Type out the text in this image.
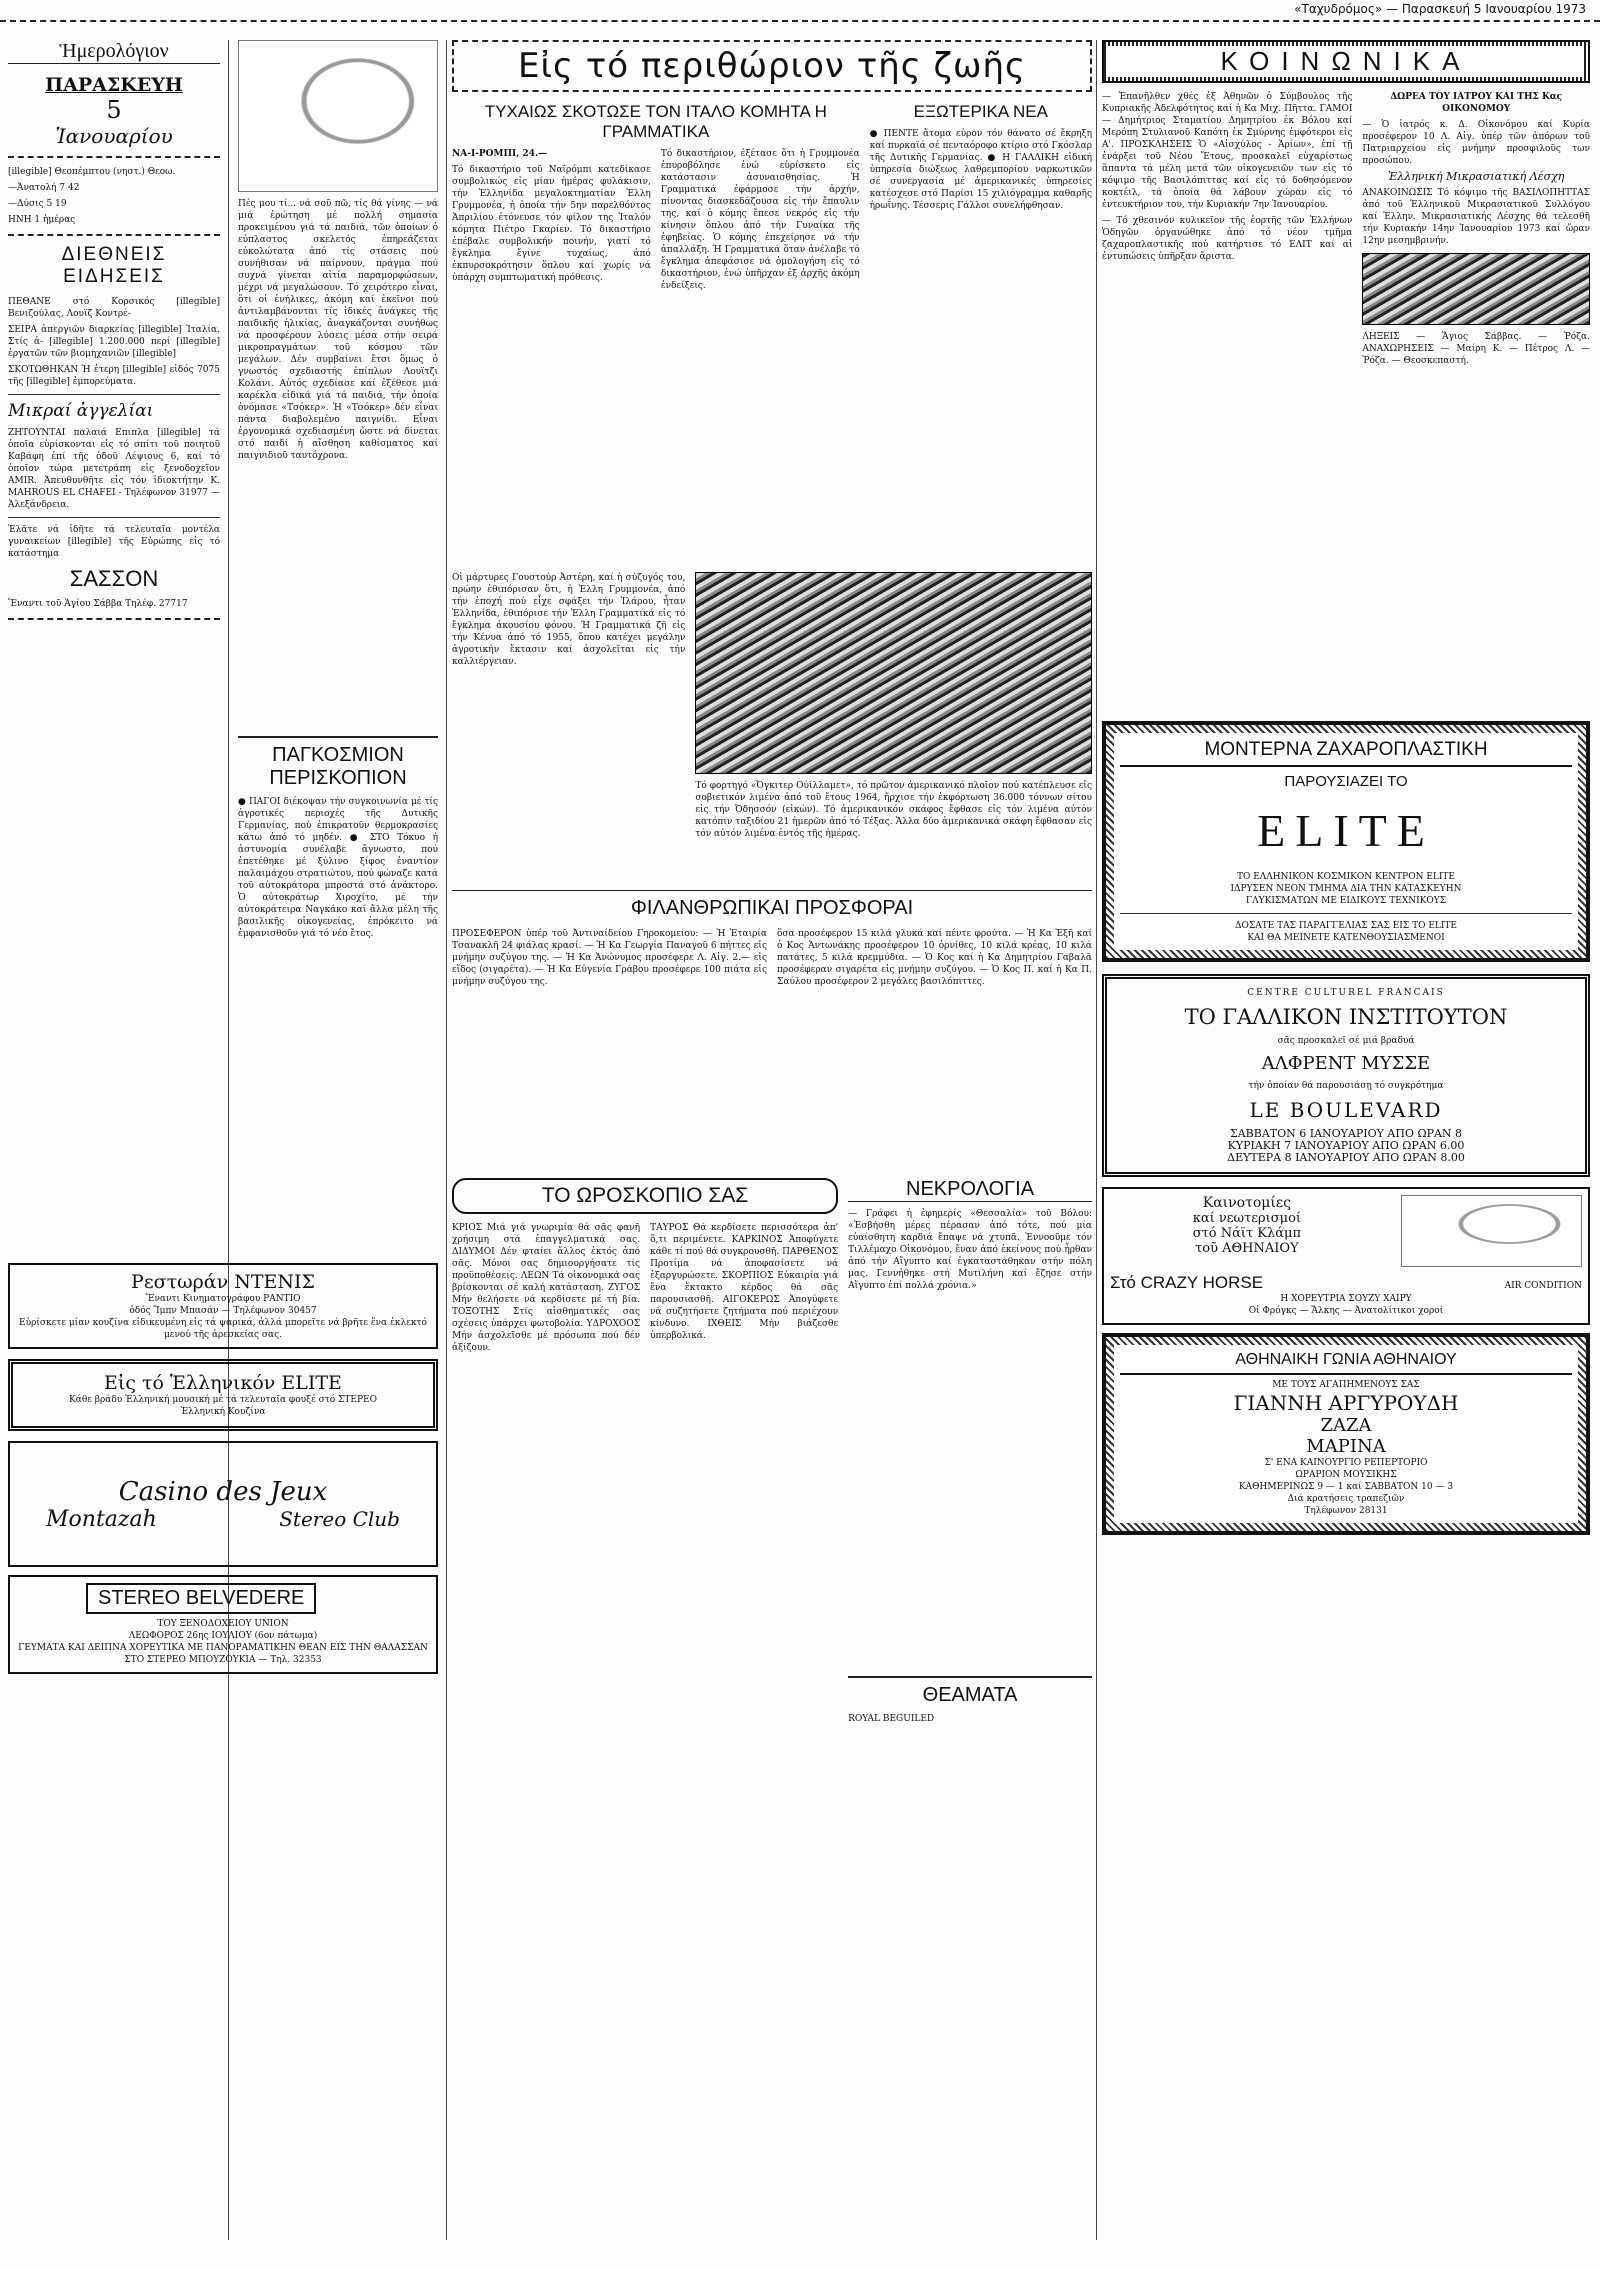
«Ταχυδρόμος» — Παρασκευή 5 Ιανουαρίου 1973
Ἡμερολόγιον
ΠΑΡΑΣΚΕΥΗ
5
Ἰανουαρίου

[illegible] Θεοπέμπτου (νηστ.) Θεοω.

—Ἀνατολή 7 42

—Δύσις 5 19

ΗΝΗ 1 ἡμέρας

ΔΙΕΘΝΕΙΣ ΕΙΔΗΣΕΙΣ

ΠΕΘΑΝΕ στό Κορσικός [illegible] Βενιζούλας, Λουϊζ Κοντρέ-

ΣΕΙΡΑ ἀπεργιῶν διαρκείας [illegible] Ἰταλία. Στίς ἀ- [illegible] 1.200.000 περί [illegible] ἐργατῶν τῶν βιομηχανιῶν [illegible]

ΣΚΟΤΩΘΗΚΑΝ Ἡ ἐτερη [illegible] εἰδός 7075 τῆς [illegible] ἐμπορεύματα.

Μικραί ἀγγελίαι
ΖΗΤΟΥΝΤΑΙ παλαιά Επιπλα [illegible] τά ὁποῖα εὑρίσκονται εἰς τό σπίτι τοῦ ποιητοῦ Καβάφη ἐπί τῆς ὁδοῦ Λέψιους 6, καί τό ὁποῖον τώρα μετετράπη εἰς ξενοδοχεῖον AMIR. Ἀπευθυνθῆτε εἰς τόν ἰδιοκτήτην Κ. MAHROUS EL CHAFEI - Τηλέφωνον 31977 — Ἀλεξάνδρεια.
Ἐλᾶτε νά ἰδῆτε τά τελευταῖα μοντέλα γυναικείων [illegible] τῆς Εὐρώπης εἰς τό κατάστημα
ΣΑΣΣΟΝ
Ἔναντι τοῦ Ἁγίου Σάββα Τηλέφ. 27717
Πές μου τί... νά σοῦ πῶ, τίς θά γίνης — νά μιά ἐρώτηση μέ πολλή σημασία προκειμένου γιά τά παιδιά, τῶν ὁποίων ὁ εὐπλαστος σκελετός ἐπηρεάζεται εὐκολώτατα ἀπό τίς στάσεις πού συνήθισαν νά παίρνουν, πράγμα πού συχνά γίνεται αἰτία παραμορφώσεων, μέχρι νά μεγαλώσουν. Τό χειρότερο εἶναι, ὅτι οἱ ἐνήλικες, ἀκόμη καί ἐκεῖνοι πού ἀντιλαμβάνονται τίς ἰδικές ἀνάγκες τῆς παιδικῆς ἡλικίας, ἀναγκάζονται συνήθως νά προσφέρουν λύσεις μέσα στήν σειρά μικροπραγμάτων τοῦ κόσμου τῶν μεγάλων. Δέν συμβαίνει ἔτσι ὅμως ὁ γνωστός σχεδιαστής ἐπίπλων Λουϊτζι Κολάνι. Αὐτός σχεδίασε καί ἐξέθεσε μιά καρέκλα εἰδικά γιά τά παιδιά, τήν ὁποία ὀνόμασε «Τσόκερ». Ἡ «Τσόκερ» δέν εἶναι πάντα διαβολεμένο παιγνίδι. Εἶναι ἐργονομικά σχεδιασμένη ὥστε νά δίνεται στό παιδί ἡ αἴσθηση καθίσματος καί παιγνιδιοῦ ταυτόχρονα.
ΠΑΓΚΟΣΜΙΟΝ ΠΕΡΙΣΚΟΠΙΟΝ
● ΠΑΓΟΙ διέκοψαν τήν συγκοινωνία μέ τίς ἀγροτικές περιοχές τῆς Δυτικῆς Γερμανίας, πού ἐπικρατοῦν θερμοκρασίες κάτω ἀπό τό μηδέν. ● ΣΤΟ Τόκυο ἡ ἀστυνομία συνέλαβε ἄγνωστο, πού ἐπετέθηκε μέ ξύλινο ξίφος ἐναντίον παλαιμάχου στρατιώτου, πού φώναζε κατά τοῦ αὐτοκράτορα μπροστά στό ἀνάκτορο. Ὁ αὐτοκράτωρ Χιροχίτο, μέ τήν αὐτοκράτειρα Ναγκάκο καί ἄλλα μέλη τῆς βασιλικῆς οἰκογενείας, ἐπρόκειτο νά ἐμφανισθοῦν γιά τό νέο ἔτος.
Εἰς τό περιθώριον τῆς ζωῆς
ΤΥΧΑΙΩΣ ΣΚΟΤΩΣΕ ΤΟΝ ΙΤΑΛΟ ΚΟΜΗΤΑ Η ΓΡΑΜΜΑΤΙΚΑ

ΝΑ-Ι-ΡΟΜΠΙ, 24.—

Τό δικαστήριο τοῦ Ναϊρόμπι κατεδίκασε συμβολικώς εἰς μίαν ἡμέρας φυλάκισιν, τήν Ἑλληνίδα μεγαλοκτηματίαν Ἐλλη Γρυμμονέα, ἡ ὁποία τήν 5ην παρελθόντος Ἀπριλίου ἐτόνευσε τόν φίλον της Ἰταλόν κόμητα Πιέτρο Γκαρίεν. Τό δικαστήριο ἐπέβαλε συμβολικήν ποινήν, γιατί τό ἔγκλημα ἔγινε τυχαίως, ἀπό ἐκπυρσοκρότησιν ὅπλου καί χωρίς νά ὑπάρχη συμπτωματική πρόθεσις.

Τό δικαστήριον, ἐξέτασε ὅτι ἡ Γρυμμονέα ἐπυροβόλησε ἐνώ εὑρίσκετο εἰς κατάστασιν ἀσυναισθησίας. Ἡ Γραμματικά ἐφάρμοσε τήν ἀρχήν, πίνοντας διασκεδάζουσα εἰς τήν ἔπαυλιν της, καί ὁ κόμης ἔπεσε νεκρός εἰς τήν κίνησιν ὅπλου ἀπό τήν Γυναίκα τῆς ἐφηβείας. Ὁ κόμης ἐπεχείρησε νά τήν ἀπαλλάξη. Ἡ Γραμματικά ὅταν ἀνέλαβε τό ἔγκλημα ἀπεφάσισε νά ὁμολογήση εἰς τό δικαστήριον, ἐνώ ὑπῆρχαν ἐξ ἀρχῆς ἀκόμη ἐνδείξεις.

ΕΞΩΤΕΡΙΚΑ ΝΕΑ
● ΠΕΝΤΕ ἄτομα εὗρον τόν θάνατο σέ ἔκρηξη καί πυρκαϊά σέ πενταόροφο κτίριο στό Γκόσλαρ τῆς Δυτικῆς Γερμανίας. ● Η ΓΑΛΛΙΚΗ εἰδική ὑπηρεσία διώξεως λαθρεμπορίου ναρκωτικῶν σέ συνεργασία μέ ἀμερικανικές ὑπηρεσίες κατέσχεσε στό Παρίσι 15 χιλιόγραμμα καθαρῆς ἡρωΐνης. Τέσσερις Γάλλοι συνελήφθησαν.
Οἱ μάρτυρες Γουστούρ Ἀστέρη, καί ἡ σύζυγός του, πρώην ἐθιπόρισαν ὅτι, ἡ Ἐλλη Γρυμμονέα, ἀπό τήν ἐποχή πού εἶχε σφάξει τήν Ἱλάρου, ἦταν Ἑλληνίδα, ἐθιπόρισε τήν Ἐλλη Γραμματικά εἰς τό ἔγκλημα ἀκουσίου φόνου. Ἡ Γραμματικά ζῆ εἰς τήν Κένυα ἀπό τό 1955, ὅπου κατέχει μεγάλην ἀγροτικήν ἔκτασιν καί ἀσχολεῖται εἰς τήν καλλιέργειαν.
Τό φορτηγό «Ὀγκιτερ Οὐίλλαμετ», τό πρῶτον ἀμερικανικό πλοῖον πού κατέπλευσε εἰς σοβιετικόν λιμένα ἀπό τοῦ ἔτους 1964, ἤρχισε τήν ἐκφόρτωση 36.000 τόννων σίτου εἰς τήν Ὀδησσόν (εἰκών). Τό ἀμερικανικόν σκάφος ἔφθασε εἰς τόν λιμένα αὐτόν κατόπιν ταξιδίου 21 ἡμερῶν ἀπό τό Τέξας. Ἄλλα δύο ἀμερικανικά σκάφη ἔφθασαν εἰς τόν αὐτόν λιμένα ἐντός τῆς ἡμέρας.
ΦΙΛΑΝΘΡΩΠΙΚΑΙ ΠΡΟΣΦΟΡΑΙ
ΠΡΟΣΕΦΕΡΟΝ ὑπέρ τοῦ Ἀντιναίδείου Γηροκομείου: — Ἡ Ἑταιρία Τσανακλῆ 24 φιάλας κρασί. — Ἡ Κα Γεωργία Παναγοῦ 6 πήττες εἰς μνήμην συζύγου της. — Ἡ Κα Ἀνώνυμος προσέφερε Λ. Αἰγ. 2.— εἰς εἴδος (σιγαρέτα). — Ἡ Κα Εὐγενία Γράβου προσέφερε 100 πιάτα εἰς μνήμην συζύγου της.
ὅσα προσέφερον 15 κιλά γλυκά καί πέντε φρούτα. — Ἡ Κα Ἐξῆ καί ὁ Κος Ἀντωνάκης προσέφερον 10 ὀρνίθες, 10 κιλά κρέας, 10 κιλά πατάτες, 5 κιλά κρεμμύδια. — Ὁ Κος καί ἡ Κα Δημητρίου Γαβαλᾶ προσέφεραν σιγαρέτα εἰς μνήμην συζύγου. — Ὁ Κος Π. καί ἡ Κα Π. Σαύλου προσέφερον 2 μεγάλες βασιλόπιττες.
ΤΟ ΩΡΟΣΚΟΠΙΟ ΣΑΣ
ΚΡΙΟΣ Μιά γιά γνωριμία θά σᾶς φανῆ χρήσιμη στά ἐπαγγελματικά σας. ΔΙΔΥΜΟΙ Δέν φταίει ἄλλος ἐκτός ἀπό σᾶς. Μόνοι σας δημιουργήσατε τίς προϋποθέσεις. ΛΕΩΝ Τά οἰκονομικά σας βρίσκονται σέ καλή κατάσταση. ΖΥΓΟΣ Μήν θελήσετε νά κερδίσετε μέ τή βία. ΤΟΞΟΤΗΣ Στίς αἰσθηματικές σας σχέσεις ὑπάρχει φωτοβολία. ΥΔΡΟΧΟΟΣ Μήν ἀσχολεῖσθε μέ πρόσωπα πού δέν ἀξίζουν.
ΤΑΥΡΟΣ Θά κερδίσετε περισσότερα ἀπ' ὅ,τι περιμένετε. ΚΑΡΚΙΝΟΣ Ἀποφύγετε κάθε τί πού θά συγκρουσθῆ. ΠΑΡΘΕΝΟΣ Προτίμα νά ἀποφασίσετε νά ἐξαργυρώσετε. ΣΚΟΡΠΙΟΣ Εὐκαιρία γιά ἕνα ἔκτακτο κέρδος θά σᾶς παρουσιασθῆ. ΑΙΓΟΚΕΡΩΣ Ἀπογύφετε νά συζητήσετε ζητήματα πού περιέχουν κίνδυνο. ΙΧΘΕΙΣ Μήν βιάζεσθε ὑπερβολικά.
ΝΕΚΡΟΛΟΓΙΑ
— Γράφει ἡ ἐφημερίς «Θεσσαλία» τοῦ Βόλου: «Ἐσβήσθη μέρες πέρασαν ἀπό τότε, πού μία εὐαίσθητη καρδιά ἔπαψε νά χτυπᾶ. Ἐννοοῦμε τόν Τιλλέμαχο Οἰκονόμου, ἕναν ἀπό ἐκείνους πού ἦρθαν ἀπό τήν Αἴγυπτο καί ἐγκαταστάθηκαν στήν πόλη μας. Γεννήθηκε στή Μυτιλήνη καί ἔζησε στήν Αἴγυπτο ἐπί πολλά χρόνια.»
ΘΕΑΜΑΤΑ
ROYAL BEGUILED
ΚΟΙΝΩΝΙΚΑ

— Ἐπανῆλθεν χθές ἐξ Ἀθηνῶν ὁ Σύμβουλος τῆς Κυπριακῆς Ἀδελφότητος καί ἡ Κα Μιχ. Πῆττα. ΓΑΜΟΙ — Δημήτριος Σταματίου Δημητρίου ἐκ Βόλου καί Μερόπη Στυλιανοῦ Καπότη ἐκ Σμύρνης ἐμφότεροι εἰς Α'. ΠΡΟΣΚΛΗΣΕΙΣ Ὁ «Αἰσχύλος - Ἀρίων», ἐπί τῇ ἐνάρξει τοῦ Νέου Ἔτους, προσκαλεῖ εὐχαρίστως ἅπαντα τά μέλη μετά τῶν οἰκογενειῶν των εἰς τό κόψιμο τῆς Βασιλόπιττας καί εἰς τό δοθησόμενον κοκτέιλ, τά ὁποία θά λάβουν χώραν εἰς τό ἐντευκτήριον του, τήν Κυριακήν 7ην Ἰανουαρίου.

— Τό χθεσινόν κυλικεῖον τῆς ἑορτῆς τῶν Ἑλλήνων Ὁδηγῶν ὀργανώθηκε ἀπό τό νέον τμῆμα ζαχαροπλαστικῆς πού κατήρτισε τό ΕΛΙΤ καί αἱ ἐντυπώσεις ὑπῆρξαν ἄριστα.

ΔΩΡΕΑ ΤΟΥ ΙΑΤΡΟΥ ΚΑΙ ΤΗΣ Κας ΟΙΚΟΝΟΜΟΥ

— Ὁ ἰατρός κ. Δ. Οἰκονόμου καί Κυρία προσέφερον 10 Λ. Αἰγ. ὑπέρ τῶν ἀπόρων τοῦ Πατριαρχείου εἰς μνήμην προσφιλοῦς των προσώπου.

Ἑλληνική Μικρασιατική Λέσχη

ΑΝΑΚΟΙΝΩΣΙΣ Τό κόψιμο τῆς ΒΑΣΙΛΟΠΗΤΤΑΣ ἀπό τοῦ Ἑλληνικοῦ Μικρασιατικοῦ Συλλόγου καί Ἑλλην. Μικρασιατικής Λέσχης θά τελεσθῆ τήν Κυριακήν 14ην Ἰανουαρίου 1973 καί ὥραν 12ην μεσημβρινήν.

ΛΗΞΕΙΣ — Ἅγιος Σάββας. — Ῥόζα. ΑΝΑΧΩΡΗΣΕΙΣ — Μαίρη Κ. — Πέτρος Λ. — Ῥόζα. — Θεοσκεπαστή.

ΜΟΝΤΕΡΝΑ ΖΑΧΑΡΟΠΛΑΣΤΙΚΗ
ΠΑΡΟΥΣΙΑΖΕΙ ΤΟ
ELITE
ΤΟ ΕΛΛΗΝΙΚΟΝ ΚΟΣΜΙΚΟΝ ΚΕΝΤΡΟΝ ELITE
ΙΔΡΥΣΕΝ ΝΕΟΝ ΤΜΗΜΑ ΔΙΑ ΤΗΝ ΚΑΤΑΣΚΕΥΗΝ
ΓΛΥΚΙΣΜΑΤΩΝ ΜΕ ΕΙΔΙΚΟΥΣ ΤΕΧΝΙΚΟΥΣ
ΔΟΣΑΤΕ ΤΑΣ ΠΑΡΑΓΓΕΛΙΑΣ ΣΑΣ ΕΙΣ ΤΟ ELITE
ΚΑΙ ΘΑ ΜΕΙΝΕΤΕ ΚΑΤΕΝΘΟΥΣΙΑΣΜΕΝΟΙ
CENTRE CULTUREL FRANCAIS
ΤΟ ΓΑΛΛΙΚΟΝ ΙΝΣΤΙΤΟΥΤΟΝ
σᾶς προσκαλεῖ σέ μιά βραδυά
ΑΛΦΡΕΝΤ ΜΥΣΣΕ
τήν ὁποίαν θά παρουσιάσῃ τό συγκρότημα
LE BOULEVARD
ΣΑΒΒΑΤΟΝ 6 ΙΑΝΟΥΑΡΙΟΥ ΑΠΟ ΩΡΑΝ 8
ΚΥΡΙΑΚΗ 7 ΙΑΝΟΥΑΡΙΟΥ ΑΠΟ ΩΡΑΝ 6.00
ΔΕΥΤΕΡΑ 8 ΙΑΝΟΥΑΡΙΟΥ ΑΠΟ ΩΡΑΝ 8.00
Καινοτομίες
καί νεωτερισμοί
στό Νάϊτ Κλάμπ
τοῦ ΑΘΗΝΑΙΟΥ
Στό CRAZY HORSE	AIR CONDITION
Η ΧΟΡΕΥΤΡΙΑ ΣΟΥΖΥ ΧΑΙΡΥ
Οἱ Φρόγκς — Ἄλκης — Ἀνατολίτικοι χοροί
ΑΘΗΝΑΙΚΗ ΓΩΝΙΑ ΑΘΗΝΑΙΟΥ
ΜΕ ΤΟΥΣ ΑΓΑΠΗΜΕΝΟΥΣ ΣΑΣ
ΓΙΑΝΝΗ ΑΡΓΥΡΟΥΔΗ
ΖΑΖΑ
ΜΑΡΙΝΑ
Σ' ΕΝΑ ΚΑΙΝΟΥΡΓΙΟ ΡΕΠΕΡΤΟΡΙΟ
ΩΡΑΡΙΟΝ ΜΟΥΣΙΚΗΣ
ΚΑΘΗΜΕΡΙΝΩΣ 9 — 1 καί ΣΑΒΒΑΤΟΝ 10 — 3
Διά κρατήσεις τραπεζιῶν
Τηλέφωνον 28131
Ρεστωράν ΝΤΕΝΙΣ
Ἔναντι Κινηματογράφου ΡΑΝΤΙΟ
ὁδός Ἴμπν Μπασάν — Τηλέφωνον 30457
Εὑρίσκετε μίαν κουζίνα εἰδικευμένη εἰς τά ψαρικά, ἀλλά μπορεῖτε νά βρῆτε ἕνα ἐκλεκτό μενού τῆς ἀρεσκείας σας.
Εἰς τό Ἑλληνικόν ELITE
Κάθε βράδυ Ἑλληνική μουσική μέ τά τελευταῖα φουξέ στό ΣΤΕΡΕΟ
Ἑλληνική Κουζίνα
Casino des Jeux
Montazah	Stereo Club
STEREO BELVEDERE
ΤΟΥ ΞΕΝΟΔΟΧΕΙΟΥ UNION
ΛΕΩΦΟΡΟΣ 26ης ΙΟΥΛΙΟΥ (6ον πάτωμα)
ΓΕΥΜΑΤΑ ΚΑΙ ΔΕΙΠΝΑ ΧΟΡΕΥΤΙΚΑ ΜΕ ΠΑΝΟΡΑΜΑΤΙΚΗΝ ΘΕΑΝ ΕΙΣ ΤΗΝ ΘΑΛΑΣΣΑΝ
ΣΤΟ ΣΤΕΡΕΟ ΜΠΟΥΖΟΥΚΙΑ — Τηλ. 32353
